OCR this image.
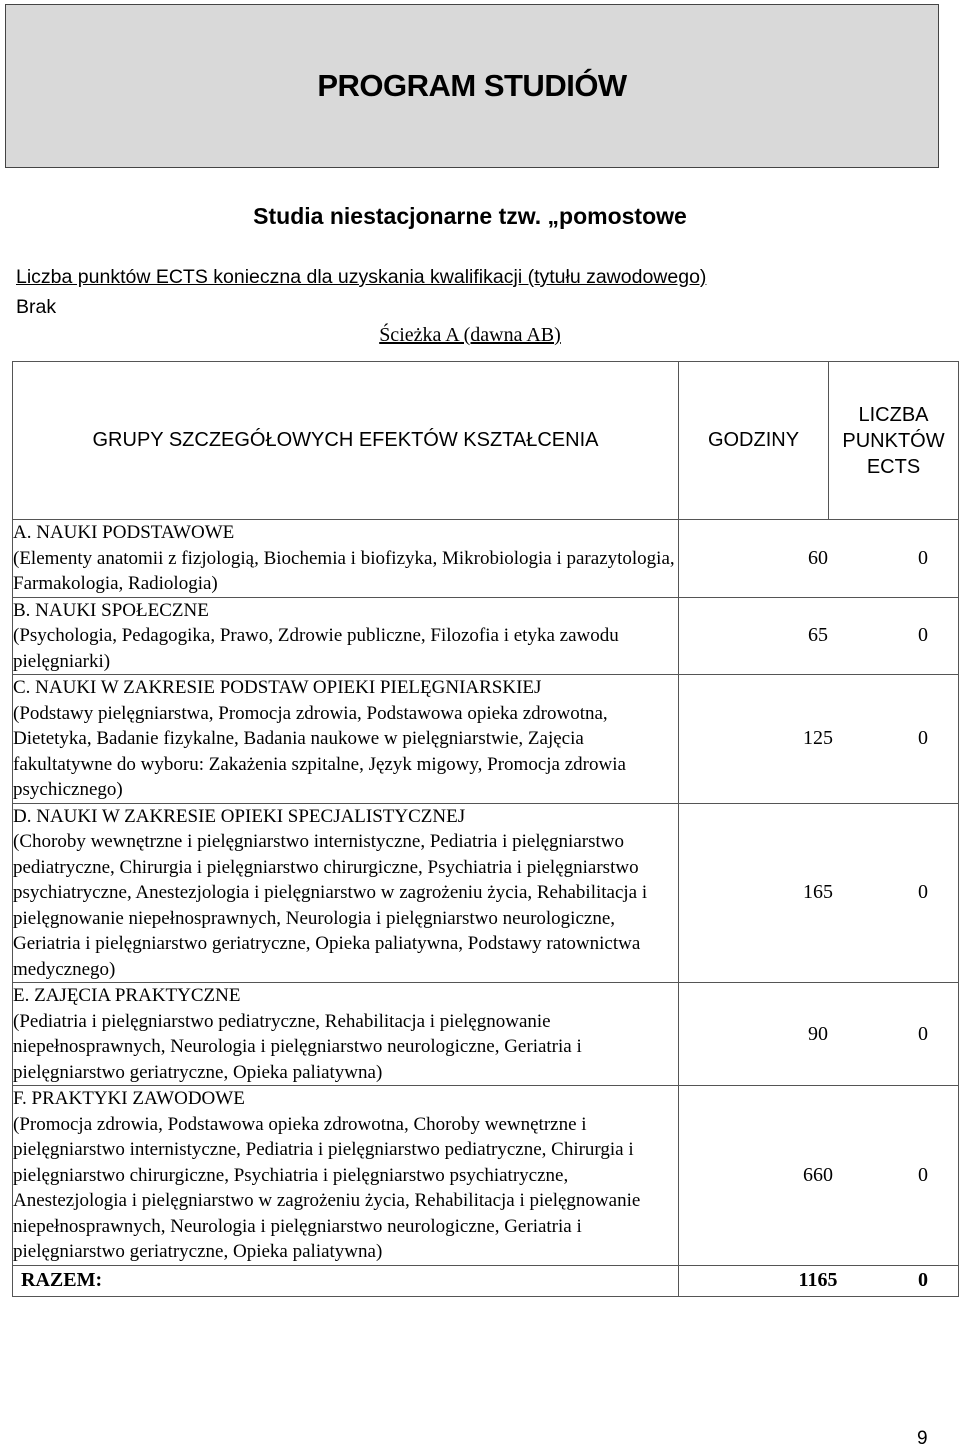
PROGRAM STUDIÓW
Studia niestacjonarne tzw. „pomostowe
Liczba punktów ECTS konieczna dla uzyskania kwalifikacji (tytułu zawodowego)
Brak
Ścieżka A (dawna AB)
GRUPY SZCZEGÓŁOWYCH EFEKTÓW KSZTAŁCENIA	GODZINY	LICZBA
PUNKTÓW
ECTS

A. NAUKI PODSTAWOWE
(Elementy anatomii z fizjologią, Biochemia i biofizyka, Mikrobiologia i parazytologia, Farmakologia, Radiologia)	60 0	

B. NAUKI SPOŁECZNE
(Psychologia, Pedagogika, Prawo, Zdrowie publiczne, Filozofia i etyka zawodu pielęgniarki)	65 0	

C. NAUKI W ZAKRESIE PODSTAW OPIEKI PIELĘGNIARSKIEJ
(Podstawy pielęgniarstwa, Promocja zdrowia, Podstawowa opieka zdrowotna, Dietetyka, Badanie fizykalne, Badania naukowe w pielęgniarstwie, Zajęcia fakultatywne do wyboru: Zakażenia szpitalne, Język migowy, Promocja zdrowia psychicznego)	125 0	

D. NAUKI W ZAKRESIE OPIEKI SPECJALISTYCZNEJ
(Choroby wewnętrzne i pielęgniarstwo internistyczne, Pediatria i pielęgniarstwo pediatryczne, Chirurgia i pielęgniarstwo chirurgiczne, Psychiatria i pielęgniarstwo psychiatryczne, Anestezjologia i pielęgniarstwo w zagrożeniu życia, Rehabilitacja i pielęgnowanie niepełnosprawnych, Neurologia i pielęgniarstwo neurologiczne, Geriatria i pielęgniarstwo geriatryczne, Opieka paliatywna, Podstawy ratownictwa medycznego)	165 0	

E. ZAJĘCIA PRAKTYCZNE
(Pediatria i pielęgniarstwo pediatryczne, Rehabilitacja i pielęgnowanie niepełnosprawnych, Neurologia i pielęgniarstwo neurologiczne, Geriatria i pielęgniarstwo geriatryczne, Opieka paliatywna)	90 0	

F. PRAKTYKI ZAWODOWE
(Promocja zdrowia, Podstawowa opieka zdrowotna, Choroby wewnętrzne i pielęgniarstwo internistyczne, Pediatria i pielęgniarstwo pediatryczne, Chirurgia i pielęgniarstwo chirurgiczne, Psychiatria i pielęgniarstwo psychiatryczne, Anestezjologia i pielęgniarstwo w zagrożeniu życia, Rehabilitacja i pielęgnowanie niepełnosprawnych, Neurologia i pielęgniarstwo neurologiczne, Geriatria i pielęgniarstwo geriatryczne, Opieka paliatywna)	660 0	

RAZEM:	1165 0	
9
